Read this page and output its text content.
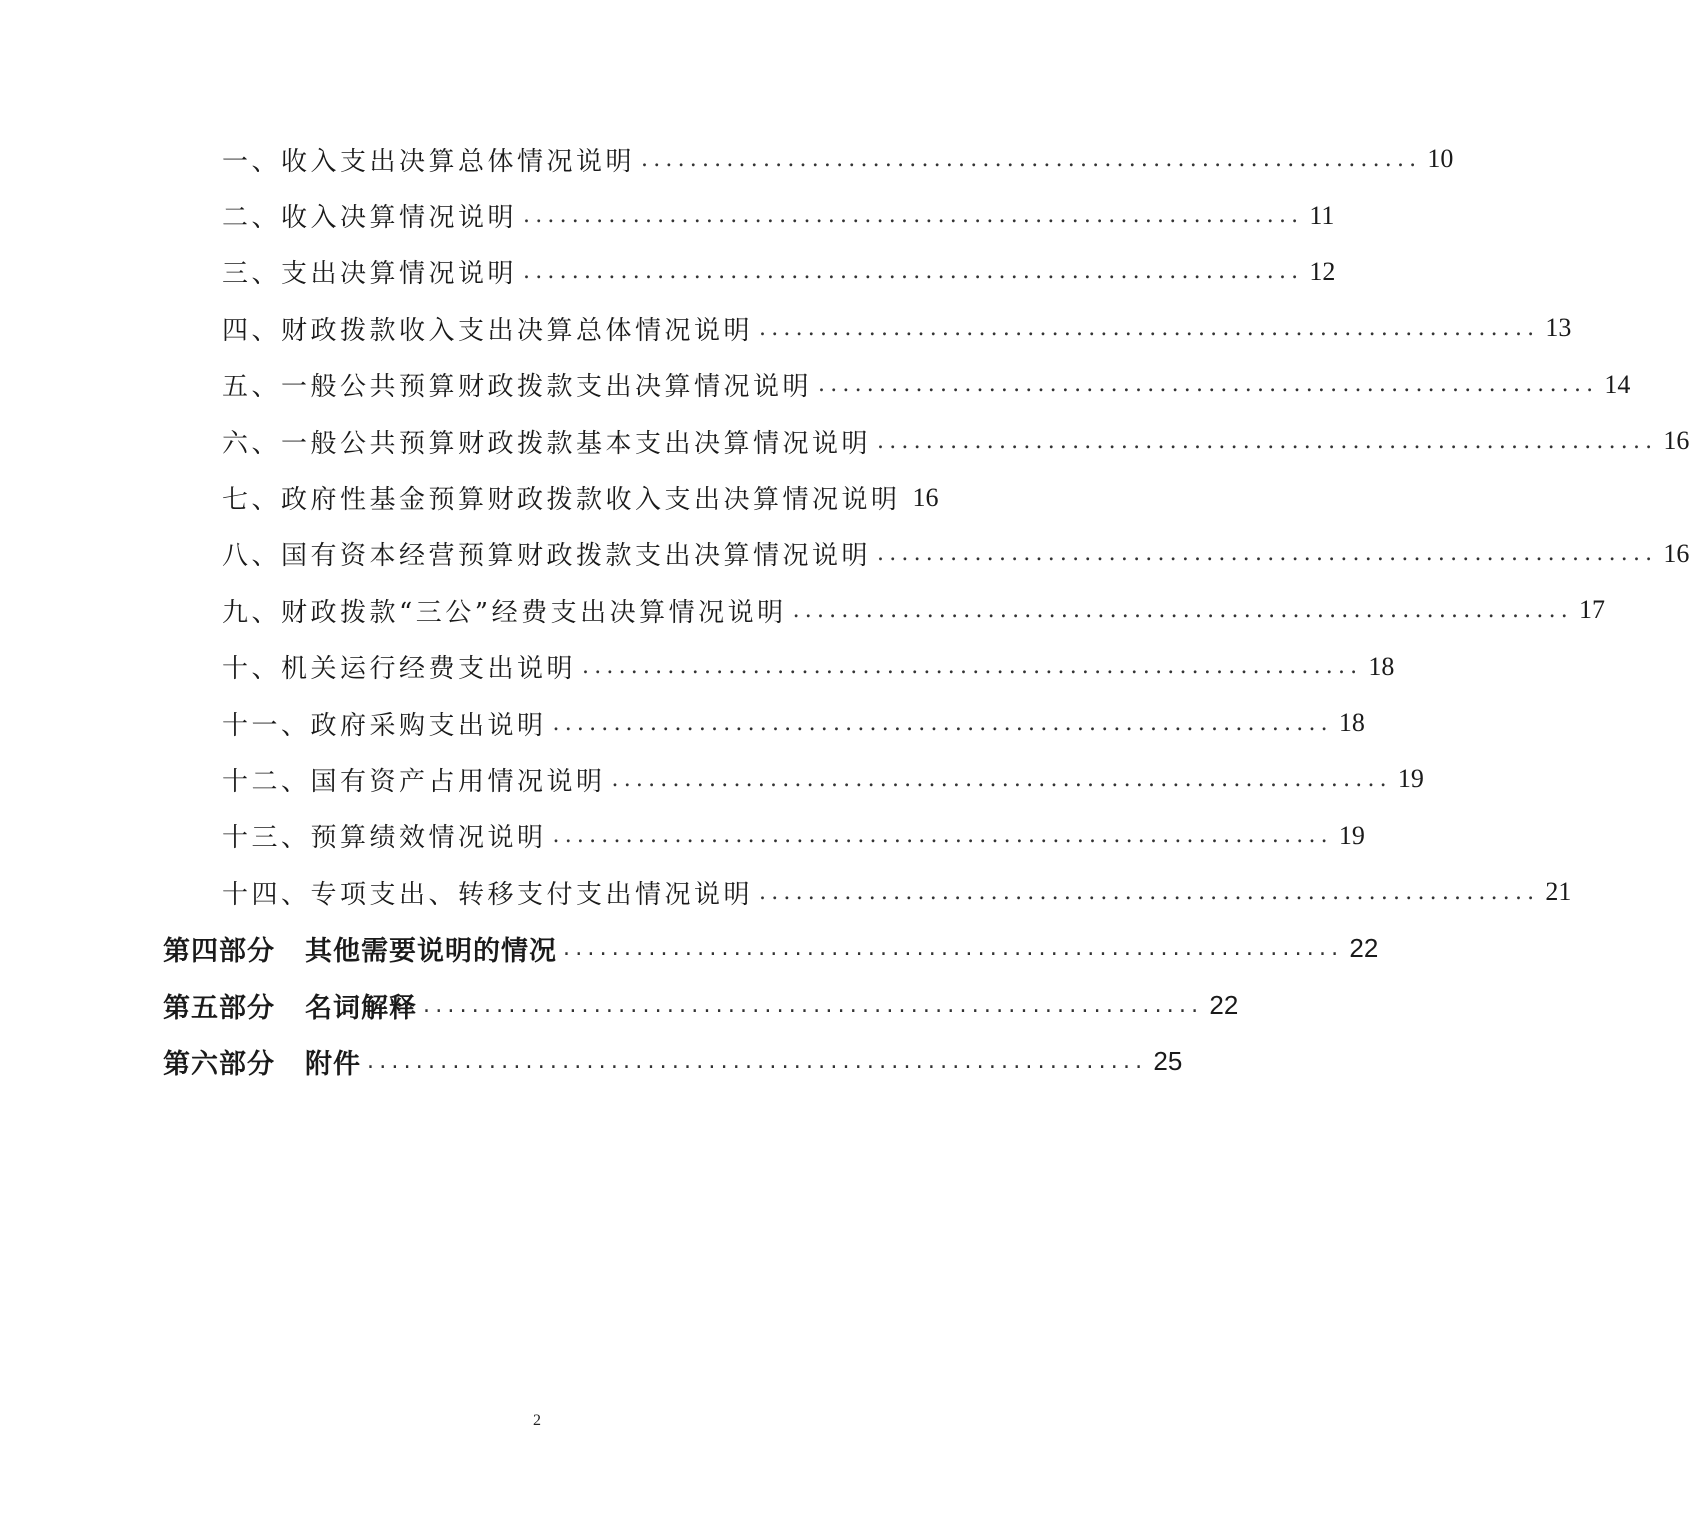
一、收入支出决算总体情况说明 ................................................................ 10
二、收入决算情况说明 ................................................................ 11
三、支出决算情况说明 ................................................................ 12
四、财政拨款收入支出决算总体情况说明 ................................................................ 13
五、一般公共预算财政拨款支出决算情况说明 ................................................................ 14
六、一般公共预算财政拨款基本支出决算情况说明 ................................................................ 16
七、政府性基金预算财政拨款收入支出决算情况说明 16
八、国有资本经营预算财政拨款支出决算情况说明 ................................................................ 16
九、财政拨款“三公”经费支出决算情况说明 ................................................................ 17
十、机关运行经费支出说明 ................................................................ 18
十一、政府采购支出说明 ................................................................ 18
十二、国有资产占用情况说明 ................................................................ 19
十三、预算绩效情况说明 ................................................................ 19
十四、专项支出、转移支付支出情况说明 ................................................................ 21
第四部分 其他需要说明的情况 ................................................................ 22
第五部分 名词解释 ................................................................ 22
第六部分 附件 ................................................................ 25
2
